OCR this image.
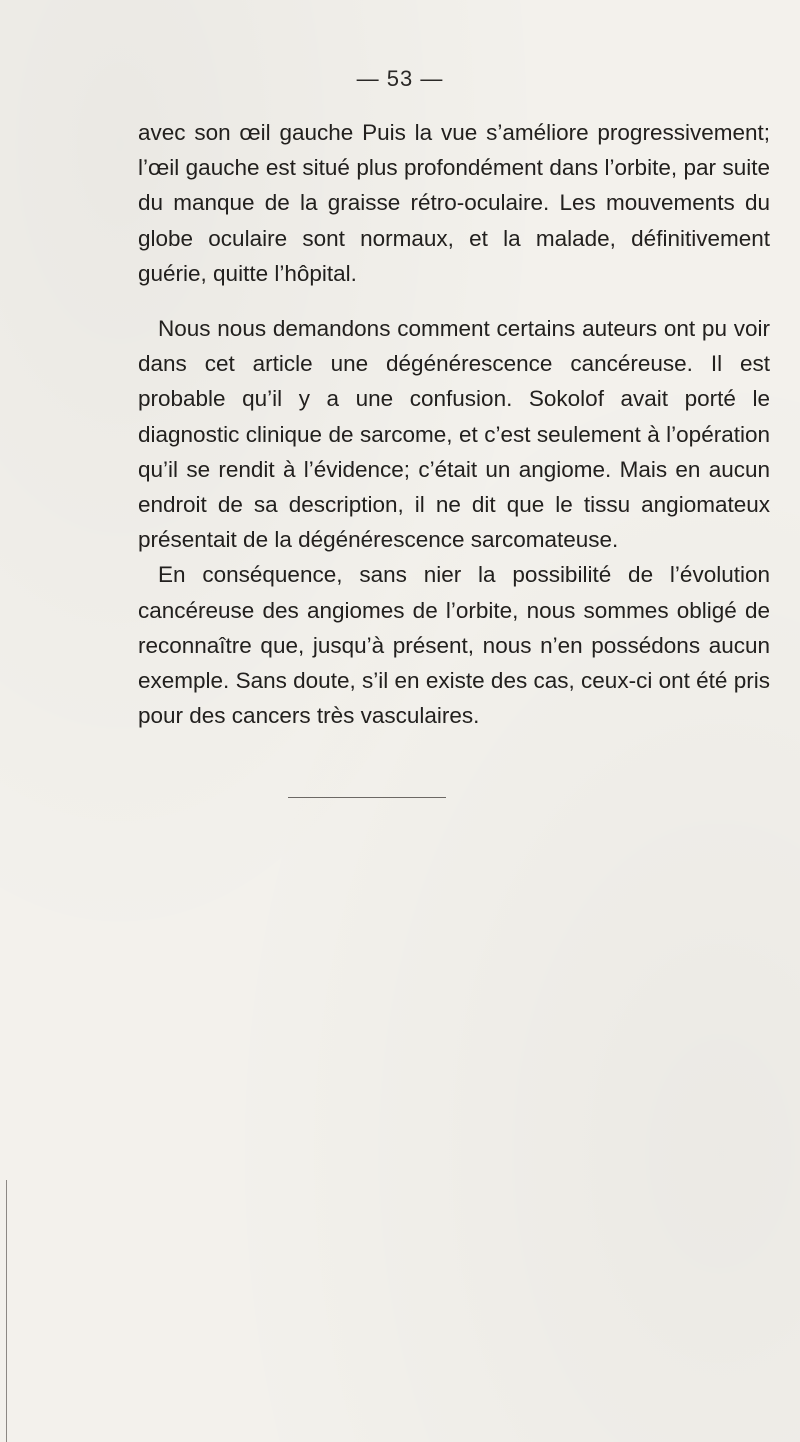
— 53 —

avec son œil gauche Puis la vue s’améliore progressivement; l’œil gauche est situé plus profondément dans l’orbite, par suite du manque de la graisse rétro-oculaire. Les mouvements du globe oculaire sont normaux, et la malade, définitivement guérie, quitte l’hôpital.

Nous nous demandons comment certains auteurs ont pu voir dans cet article une dégénérescence cancéreuse. Il est probable qu’il y a une confusion. Sokolof avait porté le diagnostic clinique de sarcome, et c’est seulement à l’opération qu’il se rendit à l’évidence; c’était un angiome. Mais en aucun endroit de sa description, il ne dit que le tissu angiomateux présentait de la dégénérescence sarcomateuse.

En conséquence, sans nier la possibilité de l’évolution cancéreuse des angiomes de l’orbite, nous sommes obligé de reconnaître que, jusqu’à présent, nous n’en possédons aucun exemple. Sans doute, s’il en existe des cas, ceux-ci ont été pris pour des cancers très vasculaires.
